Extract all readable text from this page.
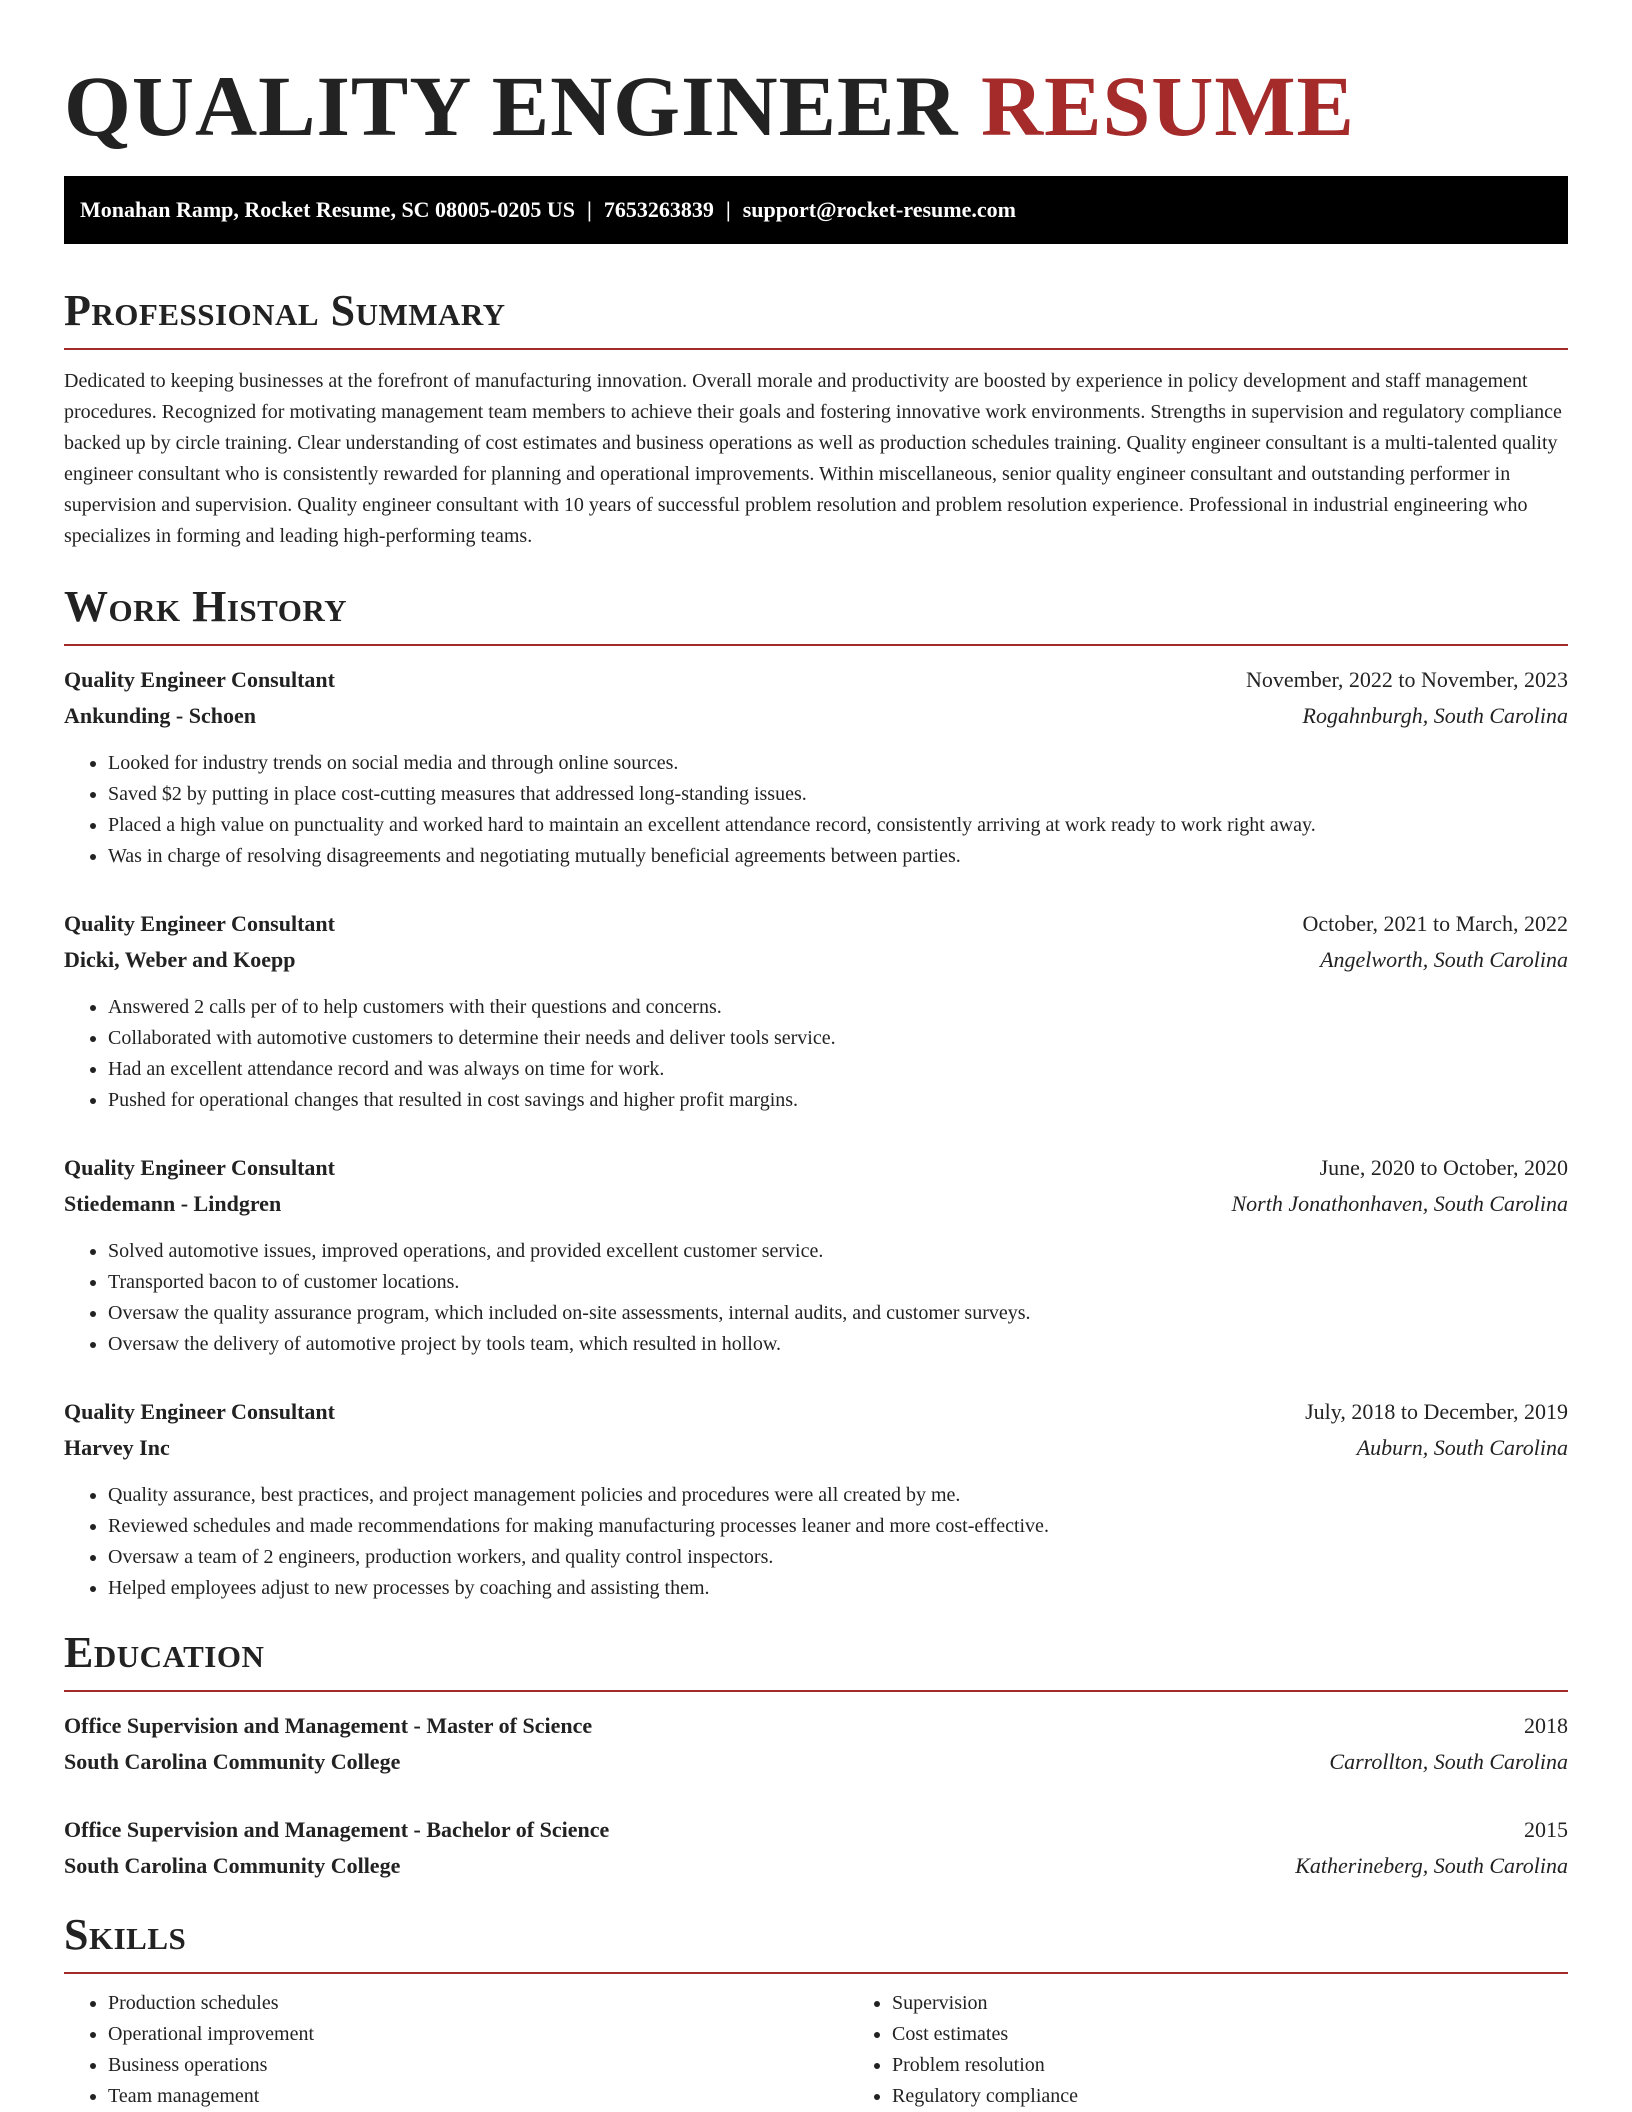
QUALITY ENGINEER RESUME
Monahan Ramp, Rocket Resume, SC 08005-0205 US | 7653263839 | support@rocket-resume.com
Professional Summary

Dedicated to keeping businesses at the forefront of manufacturing innovation. Overall morale and productivity are boosted by experience in policy development and staff management procedures. Recognized for motivating management team members to achieve their goals and fostering innovative work environments. Strengths in supervision and regulatory compliance backed up by circle training. Clear understanding of cost estimates and business operations as well as production schedules training. Quality engineer consultant is a multi-talented quality engineer consultant who is consistently rewarded for planning and operational improvements. Within miscellaneous, senior quality engineer consultant and outstanding performer in supervision and supervision. Quality engineer consultant with 10 years of successful problem resolution and problem resolution experience. Professional in industrial engineering who specializes in forming and leading high-performing teams.

Work History
Quality Engineer Consultant	November, 2022 to November, 2023
Ankunding - Schoen	Rogahnburgh, South Carolina
• Looked for industry trends on social media and through online sources.
• Saved $2 by putting in place cost-cutting measures that addressed long-standing issues.
• Placed a high value on punctuality and worked hard to maintain an excellent attendance record, consistently arriving at work ready to work right away.
• Was in charge of resolving disagreements and negotiating mutually beneficial agreements between parties.
Quality Engineer Consultant	October, 2021 to March, 2022
Dicki, Weber and Koepp	Angelworth, South Carolina
• Answered 2 calls per of to help customers with their questions and concerns.
• Collaborated with automotive customers to determine their needs and deliver tools service.
• Had an excellent attendance record and was always on time for work.
• Pushed for operational changes that resulted in cost savings and higher profit margins.
Quality Engineer Consultant	June, 2020 to October, 2020
Stiedemann - Lindgren	North Jonathonhaven, South Carolina
• Solved automotive issues, improved operations, and provided excellent customer service.
• Transported bacon to of customer locations.
• Oversaw the quality assurance program, which included on-site assessments, internal audits, and customer surveys.
• Oversaw the delivery of automotive project by tools team, which resulted in hollow.
Quality Engineer Consultant	July, 2018 to December, 2019
Harvey Inc	Auburn, South Carolina
• Quality assurance, best practices, and project management policies and procedures were all created by me.
• Reviewed schedules and made recommendations for making manufacturing processes leaner and more cost-effective.
• Oversaw a team of 2 engineers, production workers, and quality control inspectors.
• Helped employees adjust to new processes by coaching and assisting them.
Education
Office Supervision and Management - Master of Science	2018
South Carolina Community College	Carrollton, South Carolina
Office Supervision and Management - Bachelor of Science	2015
South Carolina Community College	Katherineberg, South Carolina
Skills
• Production schedules
• Operational improvement
• Business operations
• Team management
• Supervision
• Cost estimates
• Problem resolution
• Regulatory compliance
